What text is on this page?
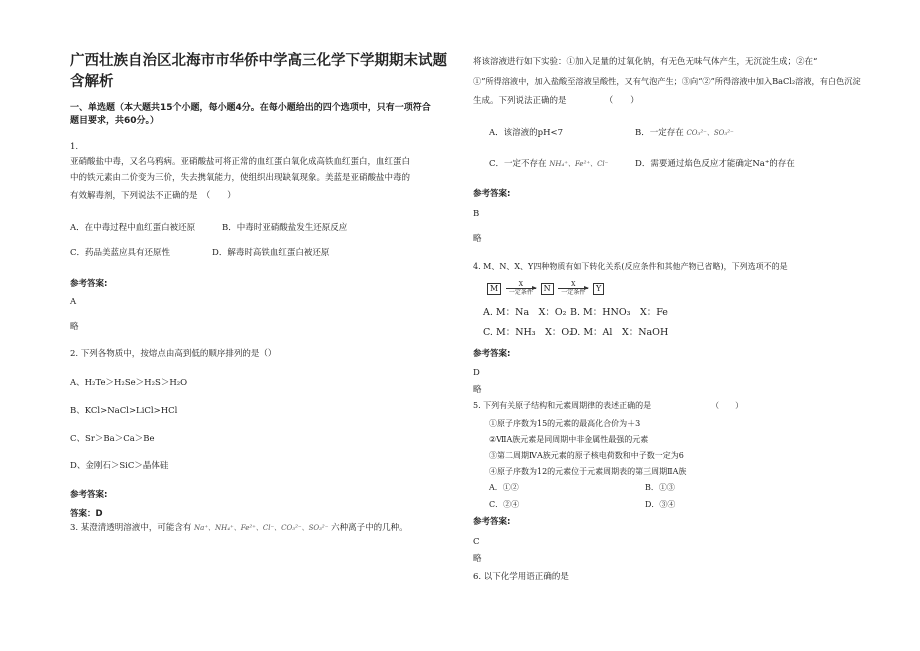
广西壮族自治区北海市市华侨中学高三化学下学期期末试题
含解析
一、单选题（本大题共15个小题，每小题4分。在每小题给出的四个选项中，只有一项符合
题目要求，共60分。）
1.
亚硝酸盐中毒，又名乌鸦病。亚硝酸盐可将正常的血红蛋白氧化成高铁血红蛋白，血红蛋白
中的铁元素由二价变为三价，失去携氧能力，使组织出现缺氧现象。美蓝是亚硝酸盐中毒的
有效解毒剂，下列说法不正确的是　（　　）
A．在中毒过程中血红蛋白被还原	B．中毒时亚硝酸盐发生还原反应
C．药品美蓝应具有还原性	D．解毒时高铁血红蛋白被还原
参考答案:
A
略
2. 下列各物质中，按熔点由高到低的顺序排列的是（）
A、H₂Te＞H₂Se＞H₂S＞H₂O
B、KCl>NaCl>LiCl>HCl
C、Sr＞Ba＞Ca＞Be
D、金刚石＞SiC＞晶体硅
参考答案:
答案：D
3. 某澄清透明溶液中，可能含有 Na⁺、NH₄⁺、Fe²⁺、Cl⁻、CO₃²⁻、SO₃²⁻ 六种离子中的几种。
将该溶液进行如下实验：①加入足量的过氧化钠，有无色无味气体产生，无沉淀生成；②在“
①”所得溶液中，加入盐酸至溶液呈酸性，又有气泡产生；③向“②”所得溶液中加入BaCl₂溶液，有白色沉淀
生成。下列说法正确的是　　　　　（　　）
A．该溶液的pH<7	B．一定存在 CO₃²⁻、SO₃²⁻
C．一定不存在 NH₄⁺、Fe²⁺、Cl⁻	D．需要通过焰色反应才能确定Na⁺的存在
参考答案:
B
略
4. M、N、X、Y四种物质有如下转化关系(反应条件和其他产物已省略)，下列选项不的是
M	X
一定条件 N	X
一定条件 Y
A. M：Na　X：O₂ B. M：HNO₃　X：Fe
C. M：NH₃　X：O₂
D. M：Al　X：NaOH
参考答案:
D
略
5. 下列有关原子结构和元素周期律的表述正确的是　　　　　　　　（　　）
①原子序数为15的元素的最高化合价为＋3
②ⅦA族元素是同周期中非金属性最强的元素
③第二周期ⅣA族元素的原子核电荷数和中子数一定为6
④原子序数为12的元素位于元素周期表的第三周期ⅡA族
A．①②	B．①③
C．②④	D．③④
参考答案:
C
略
6. 以下化学用语正确的是
